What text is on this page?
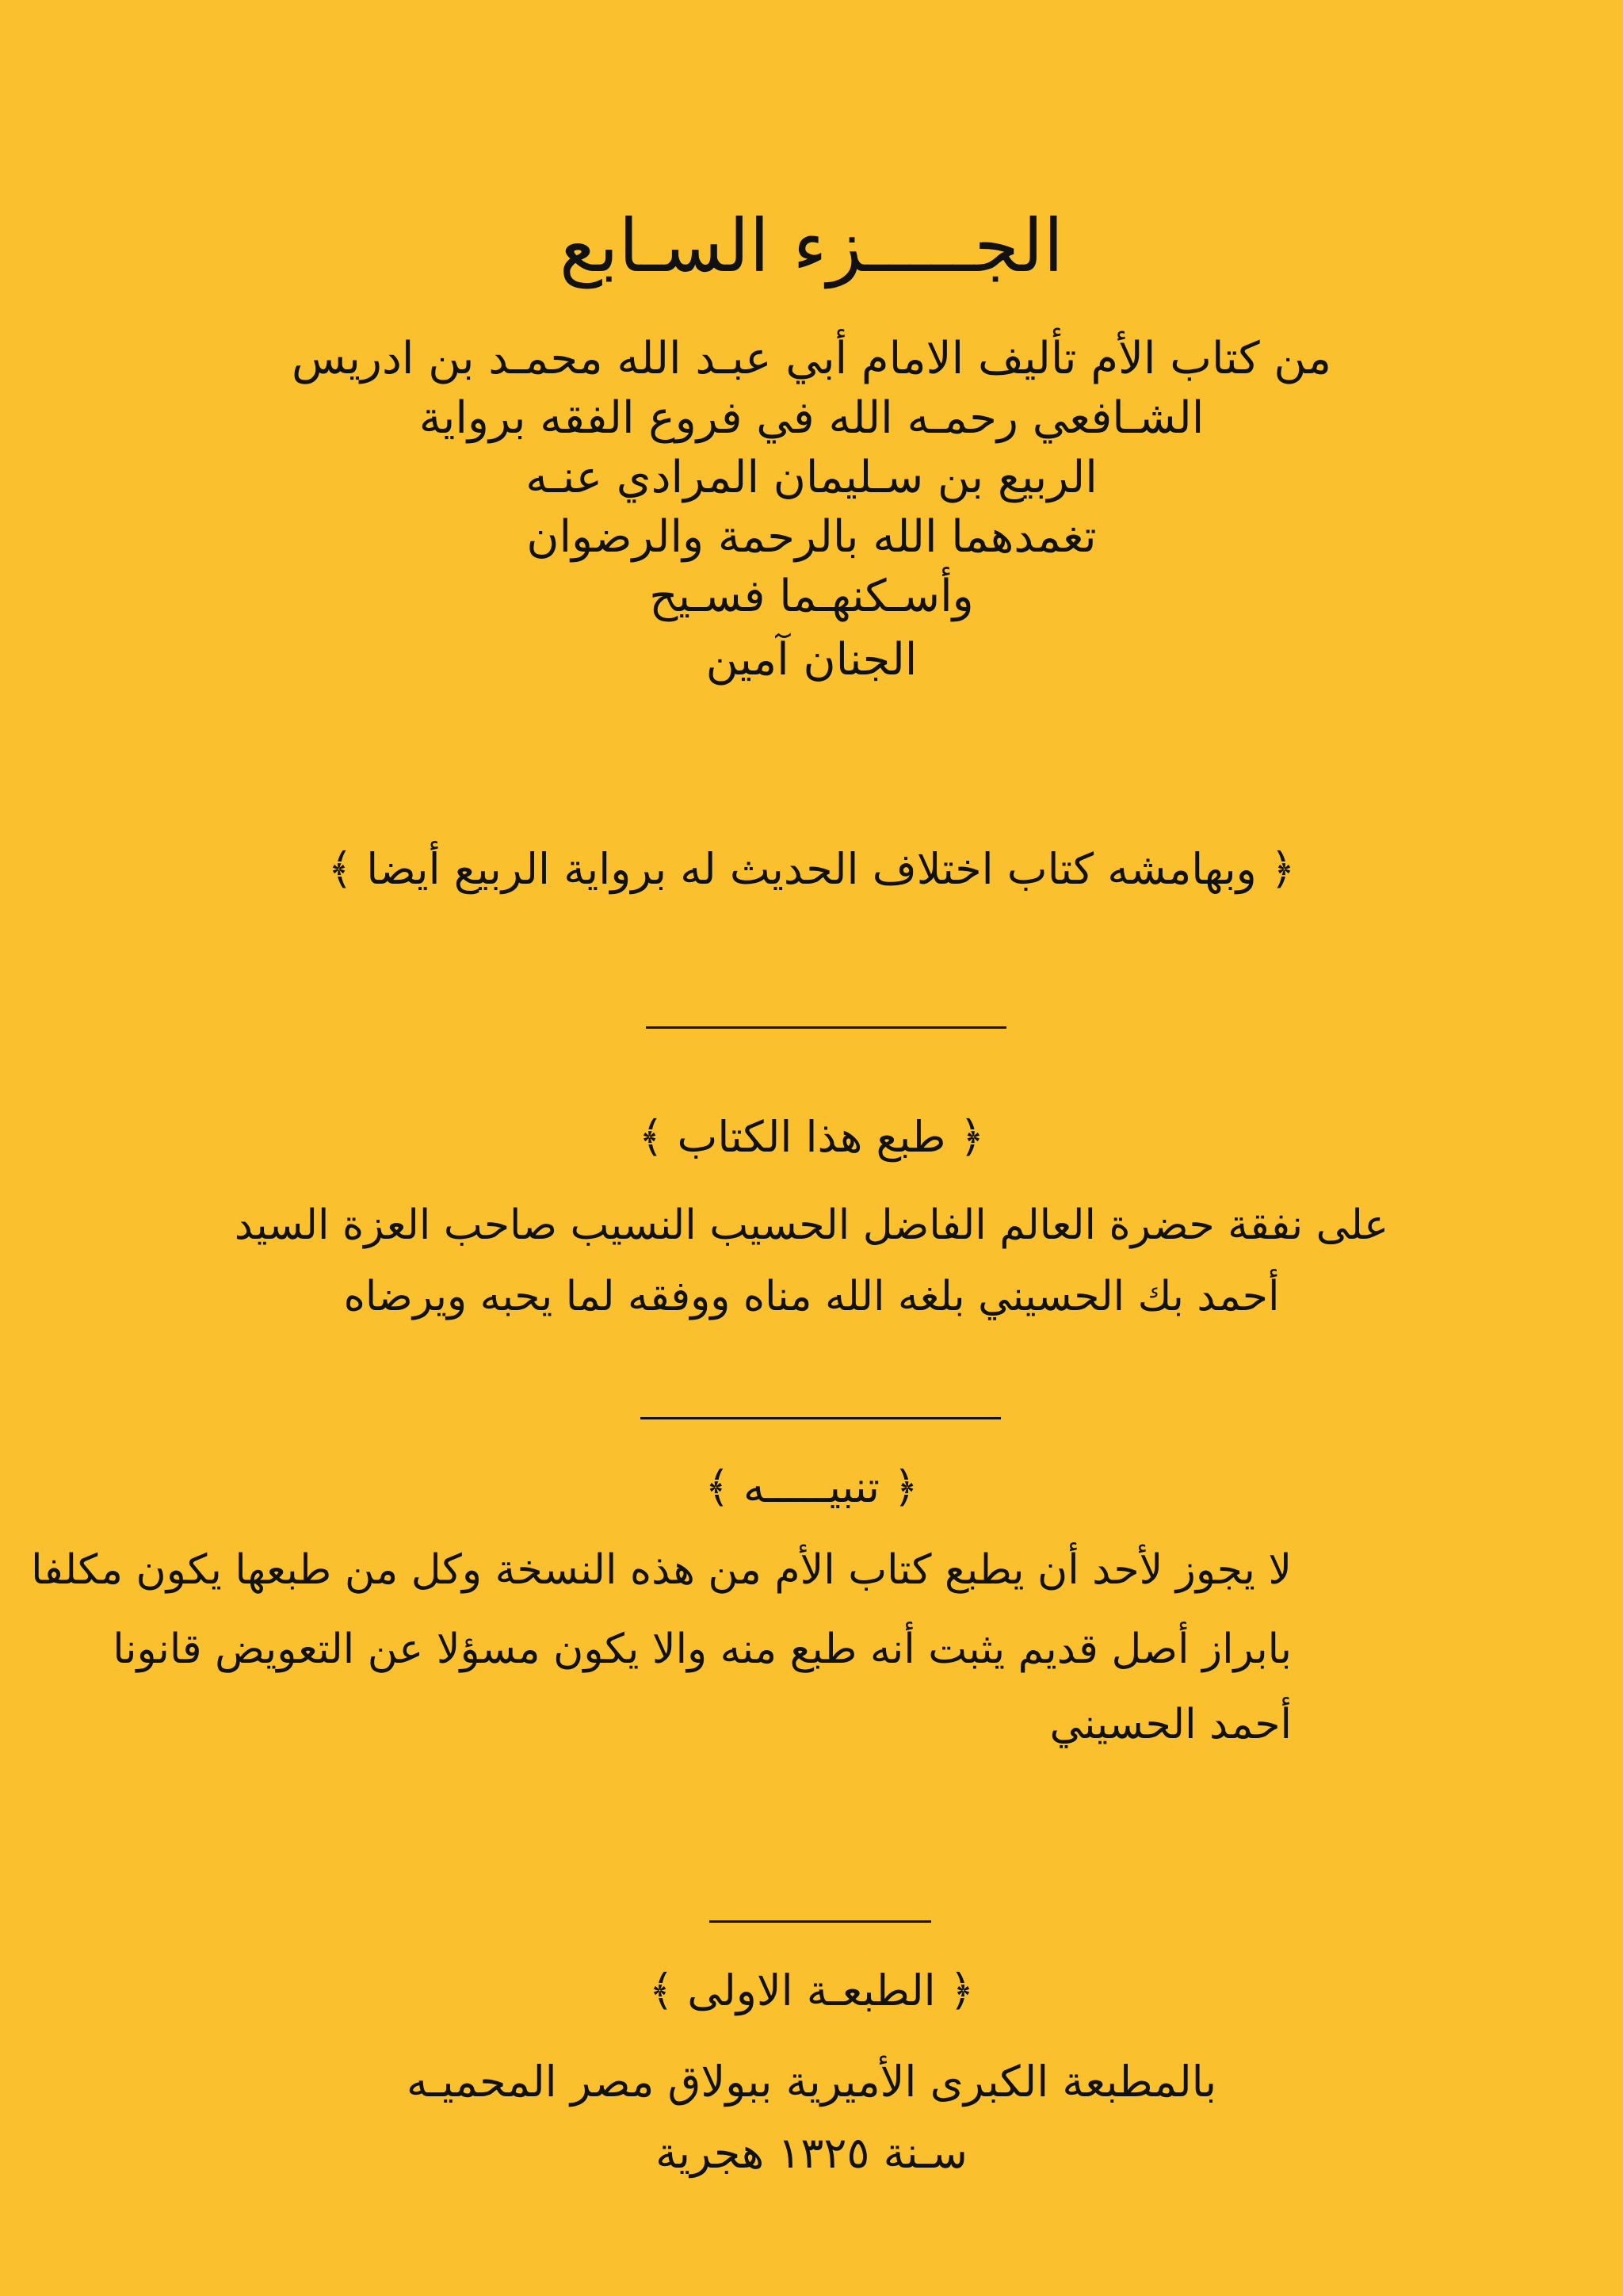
الجـــــزء السـابع
من كتاب الأم تأليف الامام أبي عبـد الله محمـد بن ادريس
الشـافعي رحمـه الله في فروع الفقه برواية
الربيع بن سـليمان المرادي عنـه
تغمدهما الله بالرحمة والرضوان
وأسـكنهـما فسـيح
الجنان آمين
﴿ وبهامشه كتاب اختلاف الحديث له برواية الربيع أيضا ﴾
﴿ طبع هذا الكتاب ﴾
على نفقة حضرة العالم الفاضل الحسيب النسيب صاحب العزة السيد
أحمد بك الحسيني بلغه الله مناه ووفقه لما يحبه ويرضاه
﴿ تنبيـــــه ﴾
لا يجوز لأحد أن يطبع كتاب الأم من هذه النسخة وكل من طبعها يكون مكلفا
بابراز أصل قديم يثبت أنه طبع منه والا يكون مسؤلا عن التعويض قانونا
أحمد الحسيني
﴿ الطبعـة الاولى ﴾
بالمطبعة الكبرى الأميرية ببولاق مصر المحميـه
سـنة ١٣٢٥ هجرية
